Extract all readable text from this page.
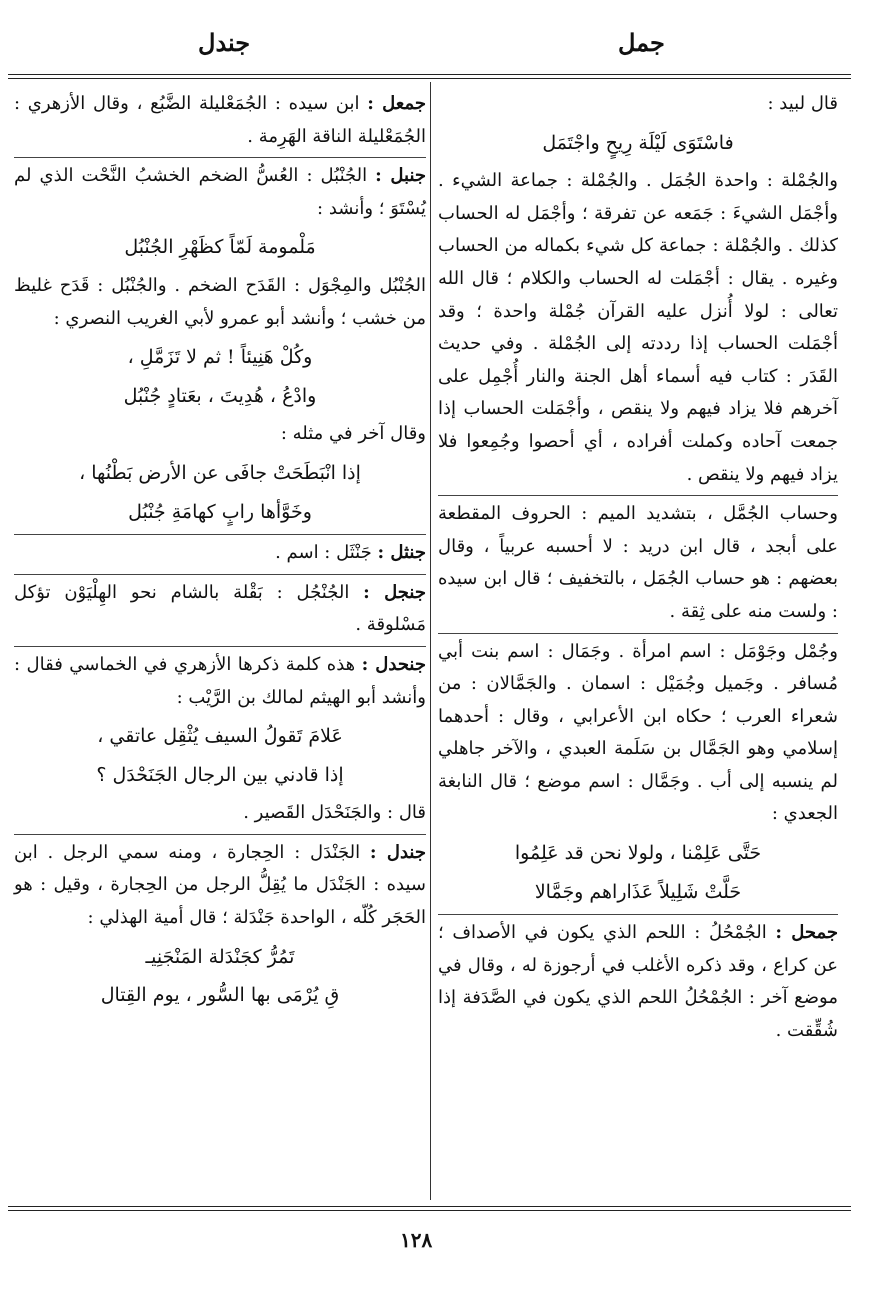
جمل
جندل

قال لبيد :

فاسْتَوَى لَيْلَة رِيحٍ واجْتَمَل

والجُمْلة : واحدة الجُمَل . والجُمْلة : جماعة الشيء . وأجْمَل الشيءَ : جَمَعه عن تفرقة ؛ وأجْمَل له الحساب كذلك . والجُمْلة : جماعة كل شيء بكماله من الحساب وغيره . يقال : أجْمَلت له الحساب والكلام ؛ قال الله تعالى : لولا أُنزل عليه القرآن جُمْلة واحدة ؛ وقد أجْمَلت الحساب إذا رددته إلى الجُمْلة . وفي حديث القَدَر : كتاب فيه أسماء أهل الجنة والنار أُجْمِل على آخرهم فلا يزاد فيهم ولا ينقص ، وأجْمَلت الحساب إذا جمعت آحاده وكملت أفراده ، أي أحصوا وجُمِعوا فلا يزاد فيهم ولا ينقص .

وحساب الجُمَّل ، بتشديد الميم : الحروف المقطعة على أبجد ، قال ابن دريد : لا أحسبه عربياً ، وقال بعضهم : هو حساب الجُمَل ، بالتخفيف ؛ قال ابن سيده : ولست منه على ثِقة .

وجُمْل وجَوْمَل : اسم امرأة . وجَمَال : اسم بنت أبي مُسافر . وجَميل وجُمَيْل : اسمان . والجَمَّالان : من شعراء العرب ؛ حكاه ابن الأعرابي ، وقال : أحدهما إسلامي وهو الجَمَّال بن سَلَمة العبدي ، والآخر جاهلي لم ينسبه إلى أب . وجَمَّال : اسم موضع ؛ قال النابغة الجعدي :

حَتَّى عَلِمْنا ، ولولا نحن قد عَلِمُوا

حَلَّتْ شَلِيلاً عَذَاراهم وجَمَّالا

جمحل : الجُمْحُلُ : اللحم الذي يكون في الأصداف ؛ عن كراع ، وقد ذكره الأغلب في أرجوزة له ، وقال في موضع آخر : الجُمْحُلُ اللحم الذي يكون في الصَّدَفة إذا شُقِّقت .

جمعل : ابن سيده : الجُمَعْليلة الضَّبُع ، وقال الأزهري : الجُمَعْليلة الناقة الهَرِمة .

جنبل : الجُنْبُل : العُسُّ الضخم الخشبُ النَّحْت الذي لم يُسْتَوَ ؛ وأنشد :

مَلْمومة لَمّاً كظَهْرِ الجُنْبُل

الجُنْبُل والمِجْوَل : القَدَح الضخم . والجُنْبُل : قَدَح غليظ من خشب ؛ وأنشد أبو عمرو لأبي الغريب النصري :

وكُلْ هَنِيئاً ! ثم لا تَزَمَّلِ ،

وادْعُ ، هُدِيتَ ، بعَتادٍ جُنْبُل

وقال آخر في مثله :

إذا انْبَطَحَتْ جافَى عن الأرض بَطْنُها ،

وخَوَّأها رابٍ كهامَةِ جُنْبُل

جنثل : جَنْثَل : اسم .

جنجل : الجُنْجُل : بَقْلة بالشام نحو الهِلْيَوْن تؤكل مَسْلوقة .

جنحدل : هذه كلمة ذكرها الأزهري في الخماسي فقال : وأنشد أبو الهيثم لمالك بن الرَّيْب :

عَلامَ تَقولُ السيف يُثْقِل عاتقي ،

إذا قادني بين الرجال الجَنَحْدَل ؟

قال : والجَنَحْدَل القَصير .

جندل : الجَنْدَل : الحِجارة ، ومنه سمي الرجل . ابن سيده : الجَنْدَل ما يُقِلُّ الرجل من الحِجارة ، وقيل : هو الحَجَر كُلّه ، الواحدة جَنْدَلة ؛ قال أمية الهذلي :

تَمُرُّ كجَنْدَلة المَنْجَنِيـ

قِ يُرْمَى بها السُّور ، يوم القِتال

١٢٨
